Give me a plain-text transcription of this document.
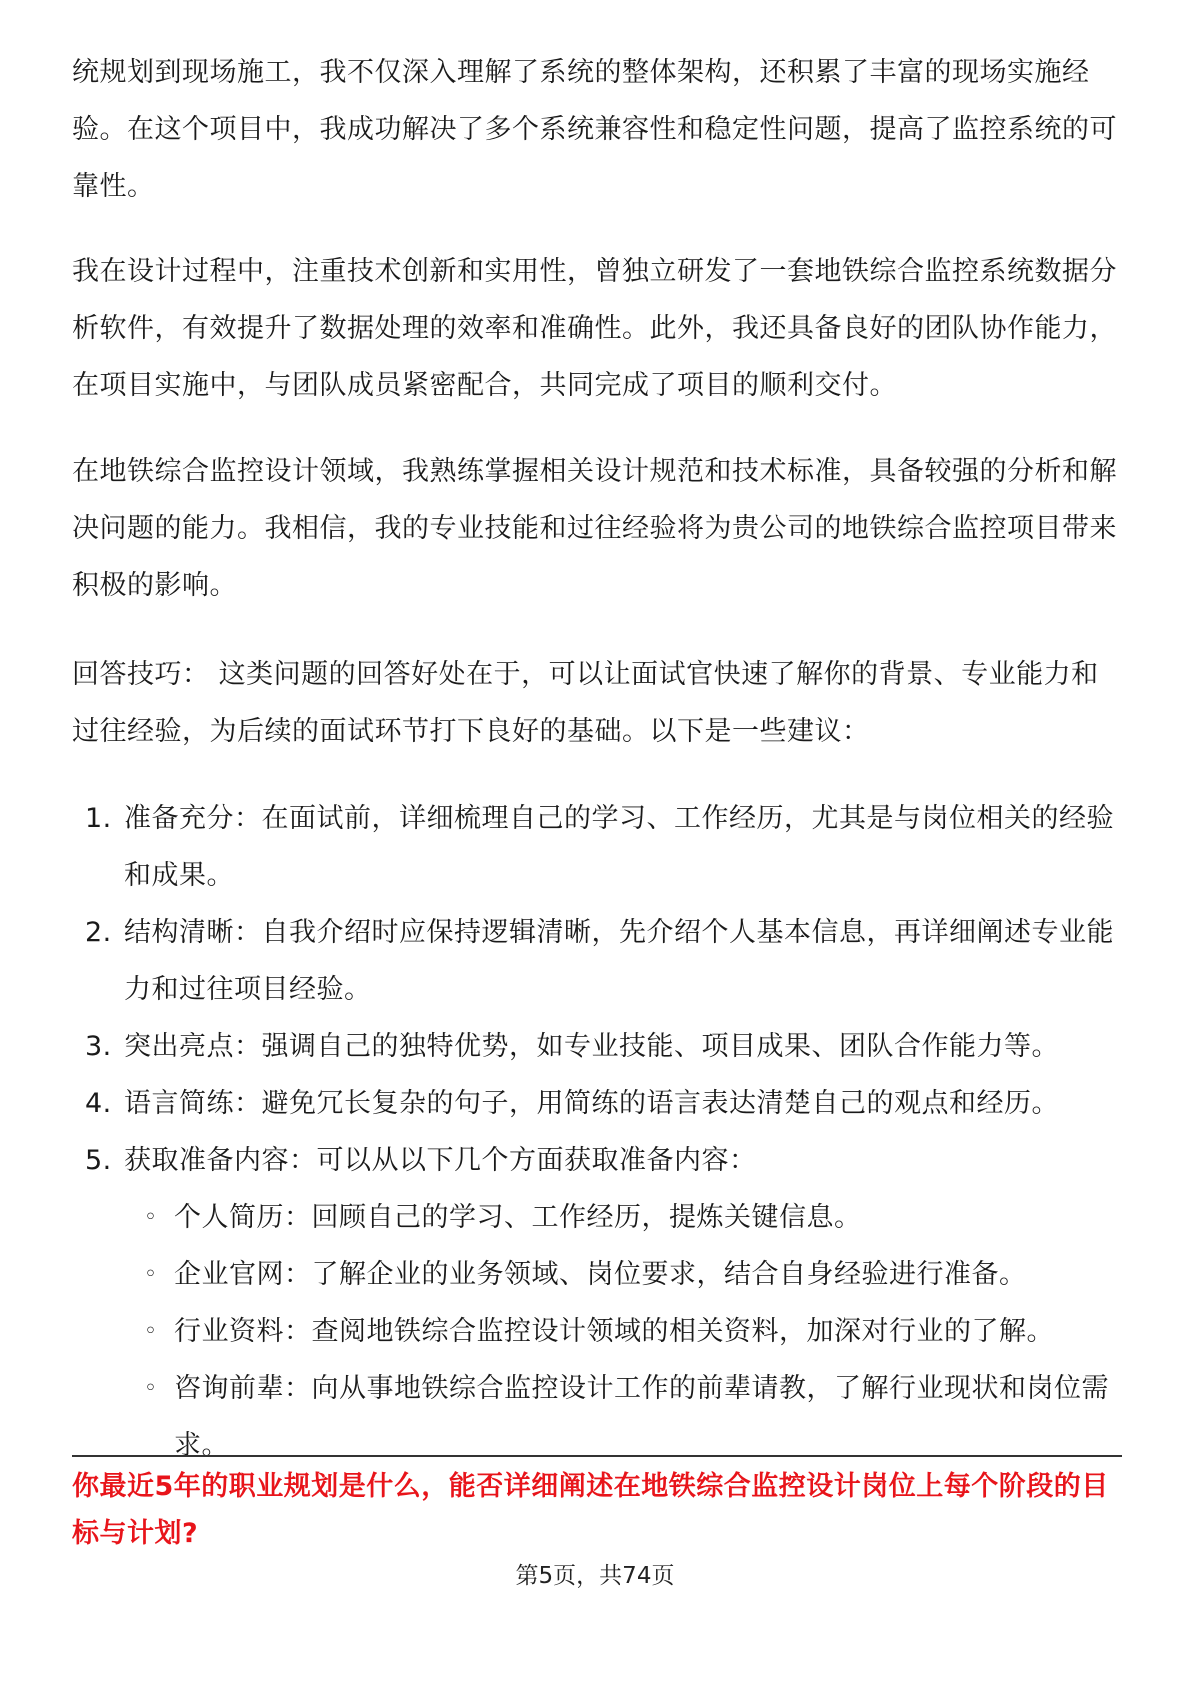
统规划到现场施工，我不仅深入理解了系统的整体架构，还积累了丰富的现场实施经验。在这个项目中，我成功解决了多个系统兼容性和稳定性问题，提高了监控系统的可靠性。

我在设计过程中，注重技术创新和实用性，曾独立研发了一套地铁综合监控系统数据分析软件，有效提升了数据处理的效率和准确性。此外，我还具备良好的团队协作能力，在项目实施中，与团队成员紧密配合，共同完成了项目的顺利交付。

在地铁综合监控设计领域，我熟练掌握相关设计规范和技术标准，具备较强的分析和解决问题的能力。我相信，我的专业技能和过往经验将为贵公司的地铁综合监控项目带来积极的影响。

回答技巧： 这类问题的回答好处在于，可以让面试官快速了解你的背景、专业能力和过往经验，为后续的面试环节打下良好的基础。以下是一些建议：

1. 准备充分：在面试前，详细梳理自己的学习、工作经历，尤其是与岗位相关的经验和成果。
2. 结构清晰：自我介绍时应保持逻辑清晰，先介绍个人基本信息，再详细阐述专业能力和过往项目经验。
3. 突出亮点：强调自己的独特优势，如专业技能、项目成果、团队合作能力等。
4. 语言简练：避免冗长复杂的句子，用简练的语言表达清楚自己的观点和经历。
5. 获取准备内容：可以从以下几个方面获取准备内容：
◦ 个人简历：回顾自己的学习、工作经历，提炼关键信息。
◦ 企业官网：了解企业的业务领域、岗位要求，结合自身经验进行准备。
◦ 行业资料：查阅地铁综合监控设计领域的相关资料，加深对行业的了解。
◦ 咨询前辈：向从事地铁综合监控设计工作的前辈请教，了解行业现状和岗位需求。

你最近5年的职业规划是什么，能否详细阐述在地铁综合监控设计岗位上每个阶段的目标与计划?

第5页，共74页
